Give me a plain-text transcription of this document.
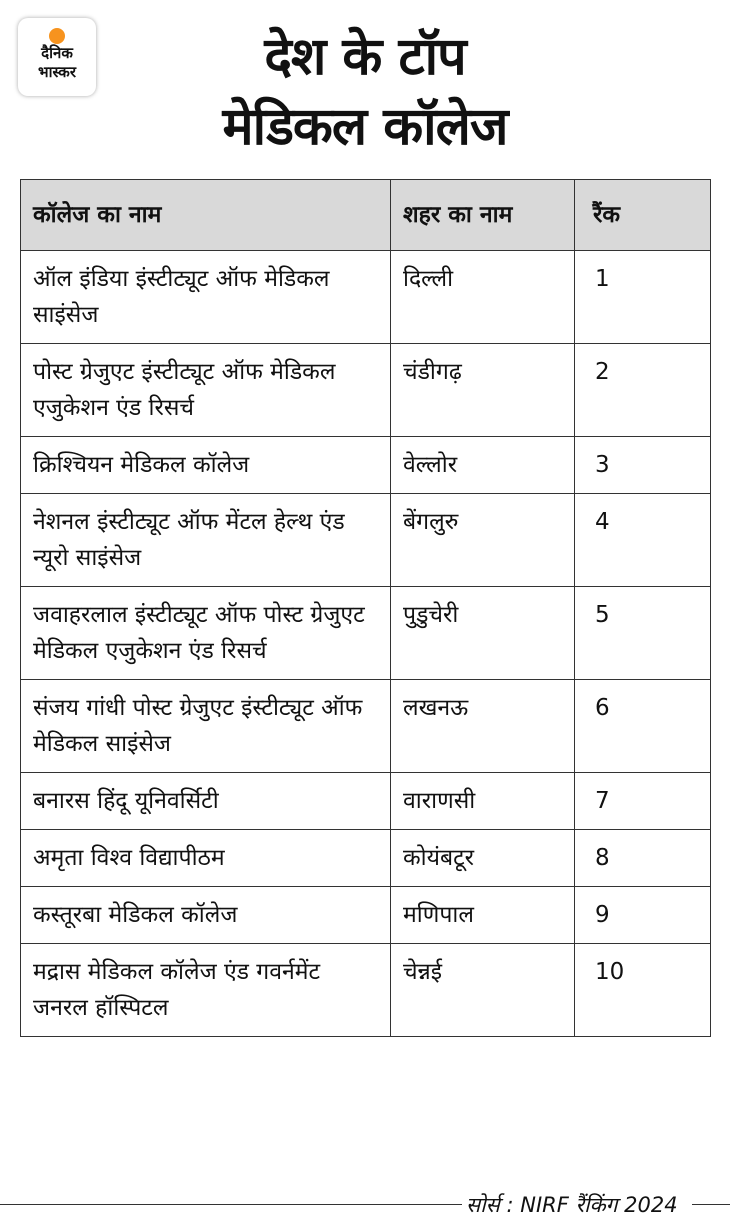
दैनिक
भास्कर	देश के टॉप
मेडिकल कॉलेज
कॉलेज का नाम	शहर का नाम	रैंक
ऑल इंडिया इंस्टीट्यूट ऑफ मेडिकल साइंसेज	दिल्ली	1
पोस्ट ग्रेजुएट इंस्टीट्यूट ऑफ मेडिकल एजुकेशन एंड रिसर्च	चंडीगढ़	2
क्रिश्चियन मेडिकल कॉलेज	वेल्लोर	3
नेशनल इंस्टीट्यूट ऑफ मेंटल हेल्थ एंड न्यूरो साइंसेज	बेंगलुरु	4
जवाहरलाल इंस्टीट्यूट ऑफ पोस्ट ग्रेजुएट मेडिकल एजुकेशन एंड रिसर्च	पुडुचेरी	5
संजय गांधी पोस्ट ग्रेजुएट इंस्टीट्यूट ऑफ मेडिकल साइंसेज	लखनऊ	6
बनारस हिंदू यूनिवर्सिटी	वाराणसी	7
अमृता विश्व विद्यापीठम	कोयंबटूर	8
कस्तूरबा मेडिकल कॉलेज	मणिपाल	9
मद्रास मेडिकल कॉलेज एंड गवर्नमेंट जनरल हॉस्पिटल	चेन्नई	10
सोर्स : NIRF रैंकिंग 2024
